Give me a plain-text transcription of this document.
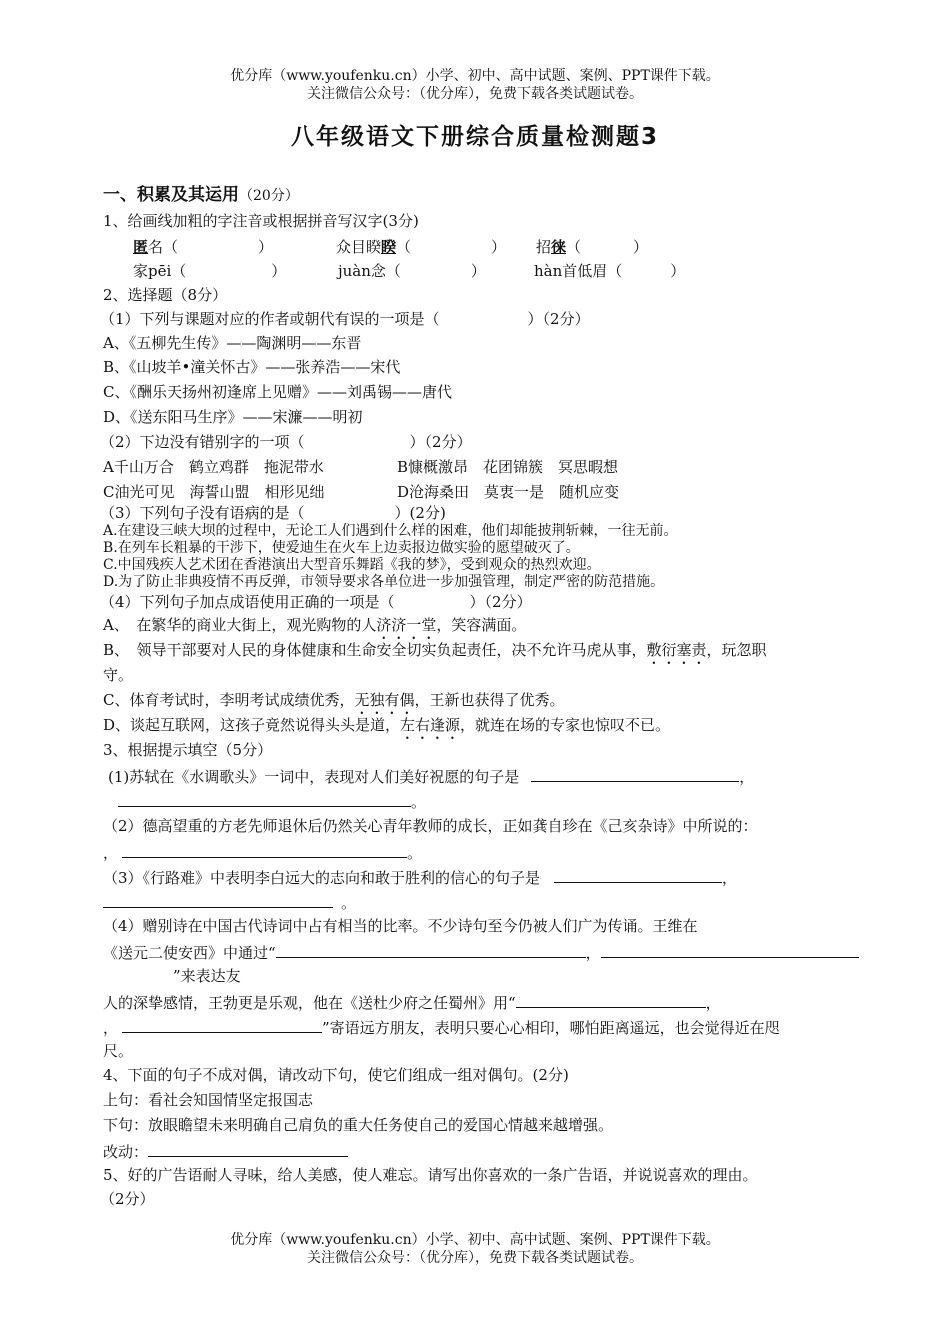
优分库（www.youfenku.cn）小学、初中、高中试题、案例、PPT课件下载。
关注微信公众号：（优分库），免费下载各类试题试卷。
八年级语文下册综合质量检测题3
一、积累及其运用（20分）
1、给画线加粗的字注音或根据拼音写汉字(3分)
匿名（	）	众目睽睽（	） 招徕（	）
家pēi（	）	juàn念（	）	hàn首低眉（	）
2、选择题（8分）
（1）下列与课题对应的作者或朝代有误的一项是（	）（2分）
A、《五柳先生传》——陶渊明——东晋
B、《山坡羊•潼关怀古》——张养浩——宋代
C、《酬乐天扬州初逢席上见赠》——刘禹锡——唐代
D、《送东阳马生序》——宋濂——明初
（2）下边没有错别字的一项（	）（2分）
A千山万合　鹤立鸡群　拖泥带水	B慷概激昂　花团锦簇　冥思暇想
C油光可见　海誓山盟　相形见绌	D沧海桑田　莫衷一是　随机应变
（3）下列句子没有语病的是（	）(2分)
A.在建设三峡大坝的过程中，无论工人们遇到什么样的困难，他们却能披荆斩棘，一往无前。
B.在列车长粗暴的干涉下，使爱迪生在火车上边卖报边做实验的愿望破灭了。
C.中国残疾人艺术团在香港演出大型音乐舞蹈《我的梦》，受到观众的热烈欢迎。
D.为了防止非典疫情不再反弹，市领导要求各单位进一步加强管理，制定严密的防范措施。
（4）下列句子加点成语使用正确的一项是（	）（2分）
A、　在繁华的商业大街上，观光购物的人济济一堂，笑容满面。
B、　领导干部要对人民的身体健康和生命安全切实负起责任，决不允许马虎从事，敷衍塞责，玩忽职
守。
C、体育考试时，李明考试成绩优秀，无独有偶，王新也获得了优秀。
D、谈起互联网，这孩子竟然说得头头是道，左右逢源，就连在场的专家也惊叹不已。
3、根据提示填空（5分）
(1)苏轼在《水调歌头》一词中，表现对人们美好祝愿的句子是	，
。
（2）德高望重的方老先师退休后仍然关心青年教师的成长，正如龚自珍在《己亥杂诗》中所说的：
，	。
（3）《行路难》中表明李白远大的志向和敢于胜利的信心的句子是	，
。
（4）赠别诗在中国古代诗词中占有相当的比率。不少诗句至今仍被人们广为传诵。王维在
《送元二使安西》中通过“	，
”来表达友
人的深挚感情，王勃更是乐观，他在《送杜少府之任蜀州》用“	，
，	”寄语远方朋友，表明只要心心相印，哪怕距离遥远，也会觉得近在咫
尺。
4、下面的句子不成对偶，请改动下句，使它们组成一组对偶句。(2分)
上句：看社会知国情坚定报国志
下句：放眼瞻望未来明确自己肩负的重大任务使自己的爱国心情越来越增强。
改动：
5、好的广告语耐人寻味，给人美感，使人难忘。请写出你喜欢的一条广告语，并说说喜欢的理由。
（2分）
优分库（www.youfenku.cn）小学、初中、高中试题、案例、PPT课件下载。
关注微信公众号：（优分库），免费下载各类试题试卷。
